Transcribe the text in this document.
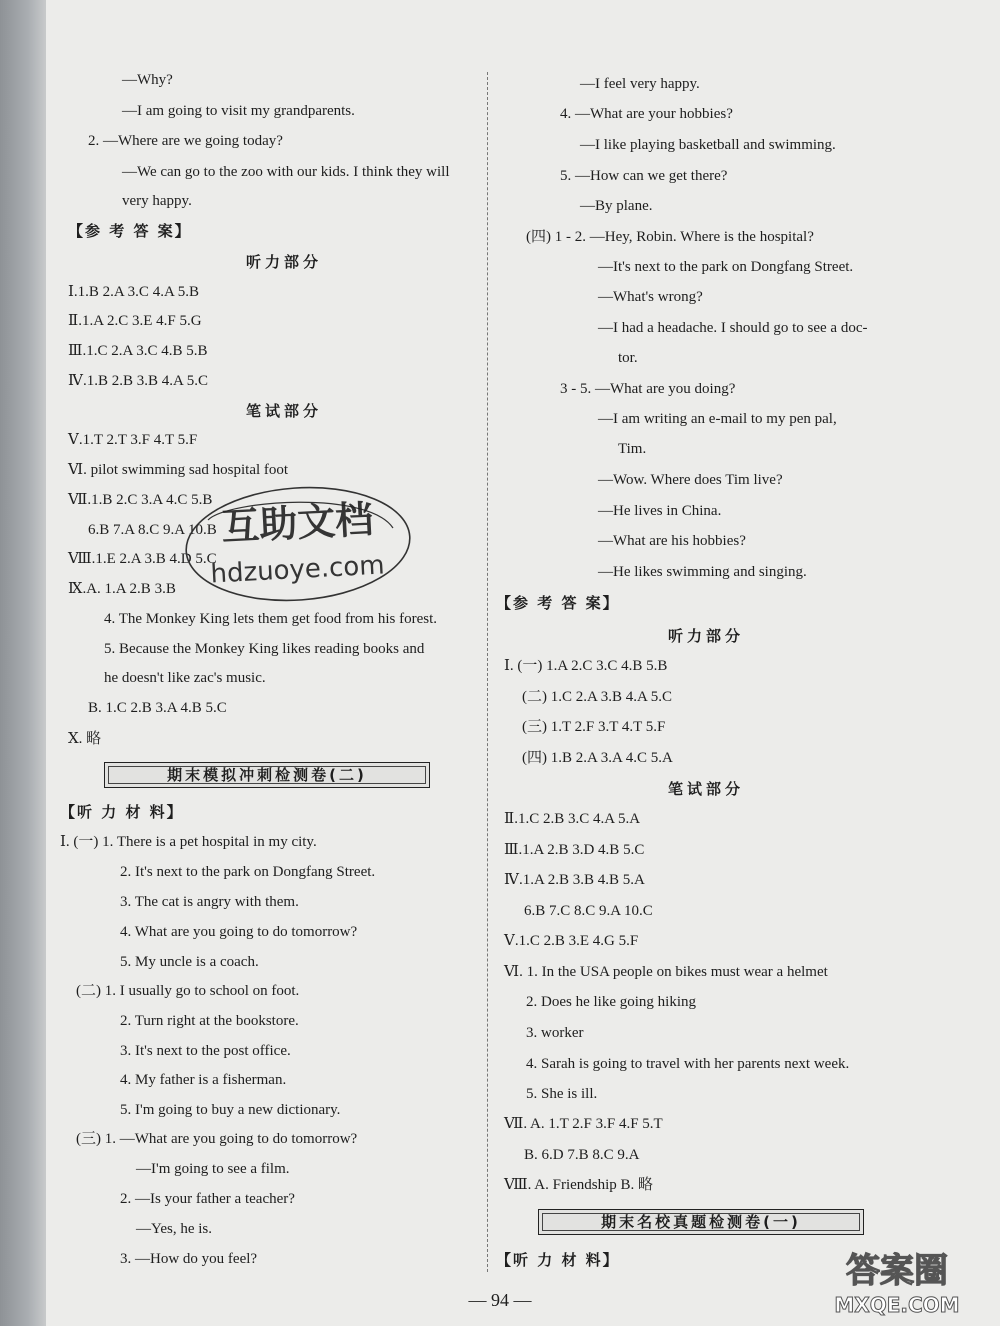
—Why?
—I am going to visit my grandparents.
2. —Where are we going today?
—We can go to the zoo with our kids. I think they will
very happy.
【参 考 答 案】
听力部分
Ⅰ.1.B 2.A 3.C 4.A 5.B
Ⅱ.1.A 2.C 3.E 4.F 5.G
Ⅲ.1.C 2.A 3.C 4.B 5.B
Ⅳ.1.B 2.B 3.B 4.A 5.C
笔试部分
Ⅴ.1.T 2.T 3.F 4.T 5.F
Ⅵ. pilot swimming sad hospital foot
Ⅶ.1.B 2.C 3.A 4.C 5.B
6.B 7.A 8.C 9.A 10.B
Ⅷ.1.E 2.A 3.B 4.D 5.C
Ⅸ.A. 1.A 2.B 3.B
4. The Monkey King lets them get food from his forest.
5. Because the Monkey King likes reading books and
he doesn't like zac's music.
B. 1.C 2.B 3.A 4.B 5.C
Ⅹ. 略
【听 力 材 料】
Ⅰ. (一) 1. There is a pet hospital in my city.
2. It's next to the park on Dongfang Street.
3. The cat is angry with them.
4. What are you going to do tomorrow?
5. My uncle is a coach.
(二) 1. I usually go to school on foot.
2. Turn right at the bookstore.
3. It's next to the post office.
4. My father is a fisherman.
5. I'm going to buy a new dictionary.
(三) 1. —What are you going to do tomorrow?
—I'm going to see a film.
2. —Is your father a teacher?
—Yes, he is.
3. —How do you feel?
期末模拟冲刺检测卷(二)
—I feel very happy.
4. —What are your hobbies?
—I like playing basketball and swimming.
5. —How can we get there?
—By plane.
(四) 1 - 2. —Hey, Robin. Where is the hospital?
—It's next to the park on Dongfang Street.
—What's wrong?
—I had a headache. I should go to see a doc-
tor.
3 - 5. —What are you doing?
—I am writing an e-mail to my pen pal,
Tim.
—Wow. Where does Tim live?
—He lives in China.
—What are his hobbies?
—He likes swimming and singing.
【参 考 答 案】
听力部分
Ⅰ. (一) 1.A 2.C 3.C 4.B 5.B
(二) 1.C 2.A 3.B 4.A 5.C
(三) 1.T 2.F 3.T 4.T 5.F
(四) 1.B 2.A 3.A 4.C 5.A
笔试部分
Ⅱ.1.C 2.B 3.C 4.A 5.A
Ⅲ.1.A 2.B 3.D 4.B 5.C
Ⅳ.1.A 2.B 3.B 4.B 5.A
6.B 7.C 8.C 9.A 10.C
Ⅴ.1.C 2.B 3.E 4.G 5.F
Ⅵ. 1. In the USA people on bikes must wear a helmet
2. Does he like going hiking
3. worker
4. Sarah is going to travel with her parents next week.
5. She is ill.
Ⅶ. A. 1.T 2.F 3.F 4.F 5.T
B. 6.D 7.B 8.C 9.A
Ⅷ. A. Friendship B. 略
【听 力 材 料】
期末名校真题检测卷(一)
— 94 —
互助文档
hdzuoye.com
答案圈
MXQE.COM
